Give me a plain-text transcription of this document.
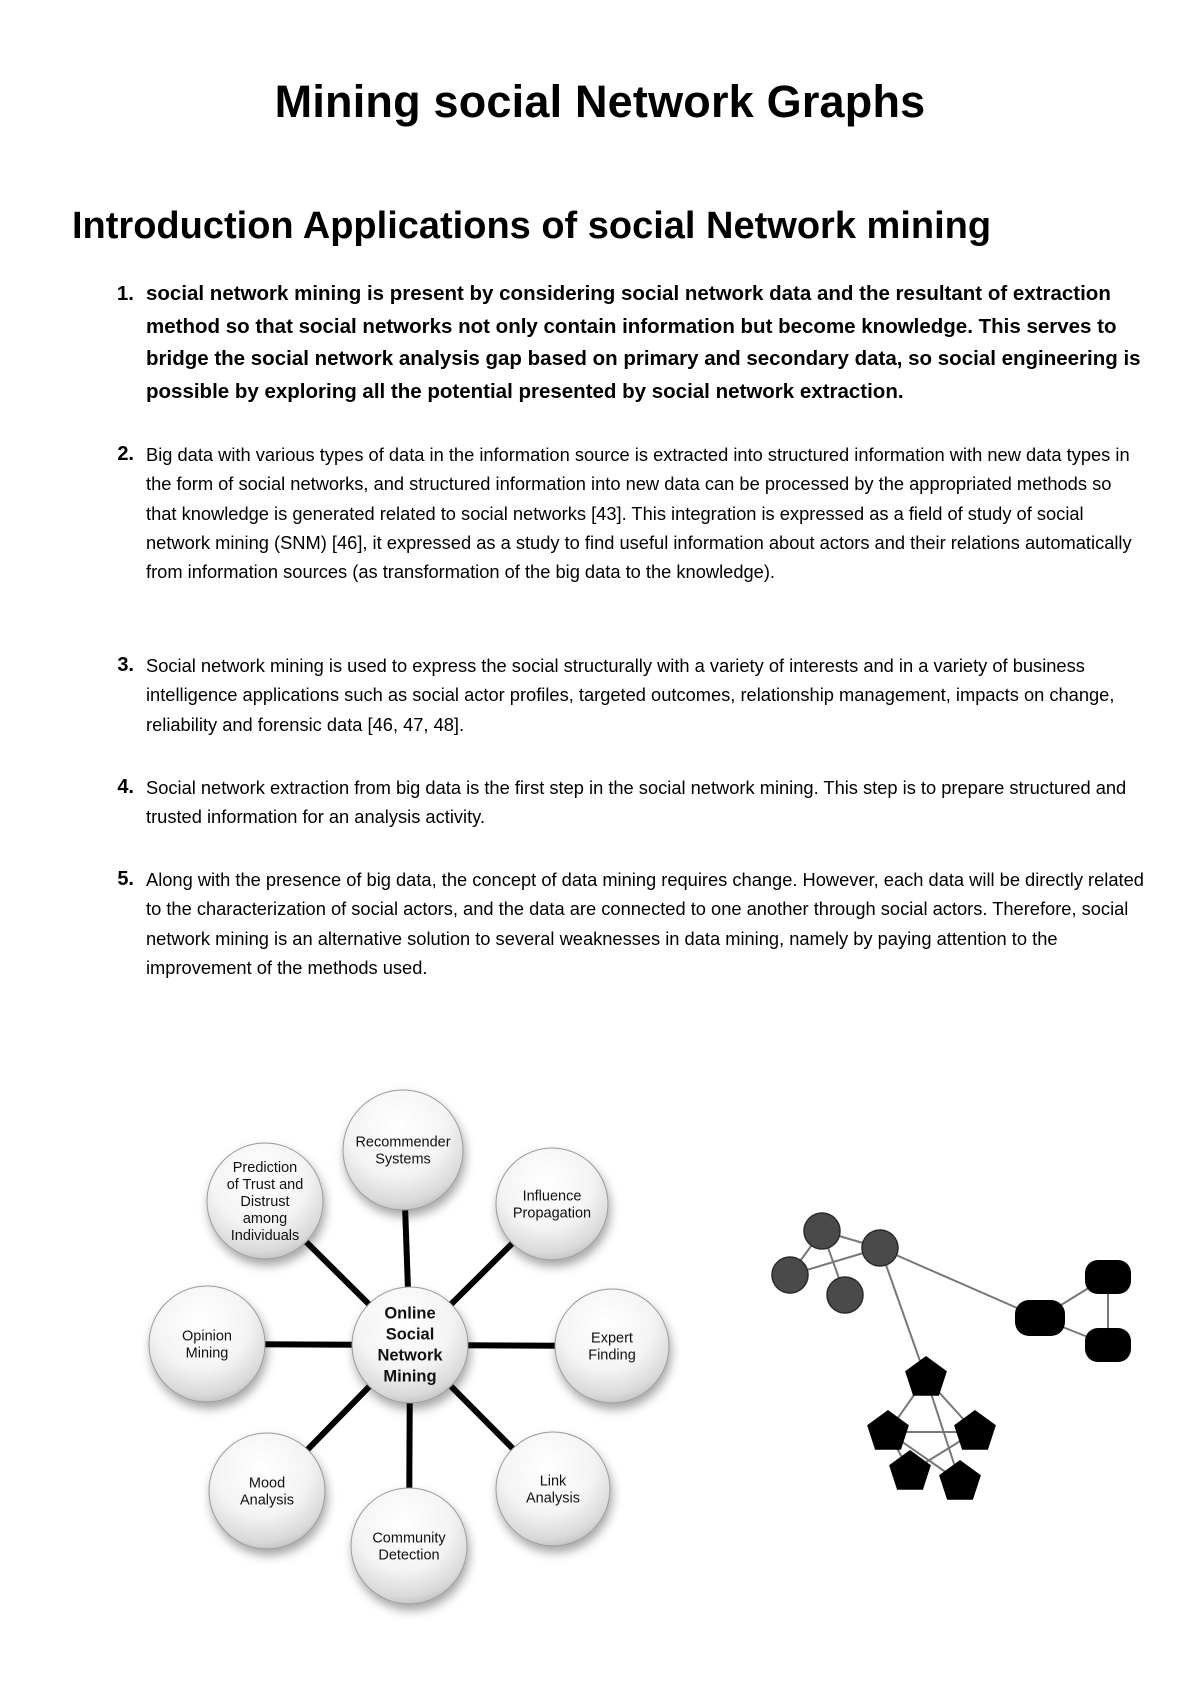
Mining social Network Graphs
Introduction Applications of social Network mining
1. social network mining is present by considering social network data and the resultant of extraction method so that social networks not only contain information but become knowledge. This serves to bridge the social network analysis gap based on primary and secondary data, so social engineering is possible by exploring all the potential presented by social network extraction.
2. Big data with various types of data in the information source is extracted into structured information with new data types in the form of social networks, and structured information into new data can be processed by the appropriated methods so that knowledge is generated related to social networks [43]. This integration is expressed as a field of study of social network mining (SNM) [46], it expressed as a study to find useful information about actors and their relations automatically from information sources (as transformation of the big data to the knowledge).
3. Social network mining is used to express the social structurally with a variety of interests and in a variety of business intelligence applications such as social actor profiles, targeted outcomes, relationship management, impacts on change, reliability and forensic data [46, 47, 48].
4. Social network extraction from big data is the first step in the social network mining. This step is to prepare structured and trusted information for an analysis activity.
5. Along with the presence of big data, the concept of data mining requires change. However, each data will be directly related to the characterization of social actors, and the data are connected to one another through social actors. Therefore, social network mining is an alternative solution to several weaknesses in data mining, namely by paying attention to the improvement of the methods used.
Recommender
Systems
Influence
Propagation
Expert
Finding
Link
Analysis
Community
Detection
Mood
Analysis
Opinion
Mining
Prediction
of Trust and
Distrust
among
Individuals
Online
Social
Network
Mining
